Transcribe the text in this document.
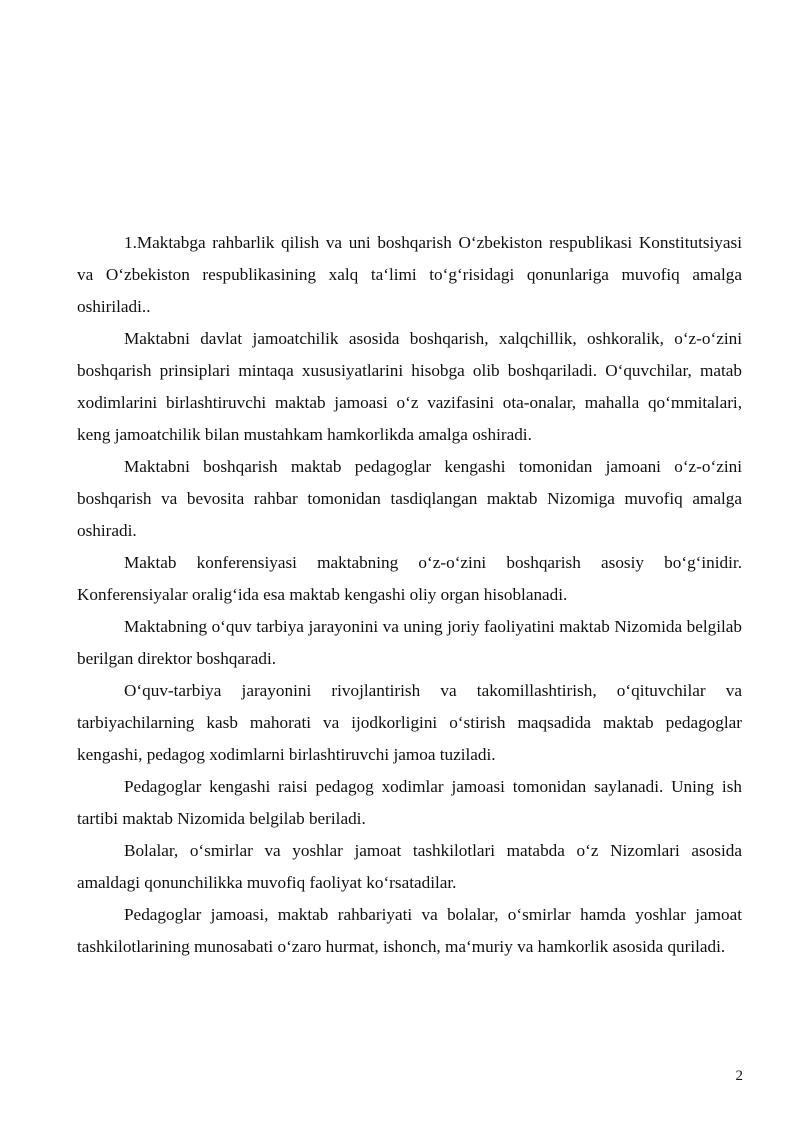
1.Maktabga rahbarlik qilish va uni boshqarish O‘zbekiston respublikasi Konstitutsiyasi va O‘zbekiston respublikasining xalq ta‘limi to‘g‘risidagi qonunlariga muvofiq amalga oshiriladi..

Maktabni davlat jamoatchilik asosida boshqarish, xalqchillik, oshkoralik, o‘z-o‘zini boshqarish prinsiplari mintaqa xususiyatlarini hisobga olib boshqariladi. O‘quvchilar, matab xodimlarini birlashtiruvchi maktab jamoasi o‘z vazifasini ota-onalar, mahalla qo‘mmitalari, keng jamoatchilik bilan mustahkam hamkorlikda amalga oshiradi.

Maktabni boshqarish maktab pedagoglar kengashi tomonidan jamoani o‘z-o‘zini boshqarish va bevosita rahbar tomonidan tasdiqlangan maktab Nizomiga muvofiq amalga oshiradi.

Maktab konferensiyasi maktabning o‘z-o‘zini boshqarish asosiy bo‘g‘inidir. Konferensiyalar oralig‘ida esa maktab kengashi oliy organ hisoblanadi.

Maktabning o‘quv tarbiya jarayonini va uning joriy faoliyatini maktab Nizomida belgilab berilgan direktor boshqaradi.

O‘quv-tarbiya jarayonini rivojlantirish va takomillashtirish, o‘qituvchilar va tarbiyachilarning kasb mahorati va ijodkorligini o‘stirish maqsadida maktab pedagoglar kengashi, pedagog xodimlarni birlashtiruvchi jamoa tuziladi.

Pedagoglar kengashi raisi pedagog xodimlar jamoasi tomonidan saylanadi. Uning ish tartibi maktab Nizomida belgilab beriladi.

Bolalar, o‘smirlar va yoshlar jamoat tashkilotlari matabda o‘z Nizomlari asosida amaldagi qonunchilikka muvofiq faoliyat ko‘rsatadilar.

Pedagoglar jamoasi, maktab rahbariyati va bolalar, o‘smirlar hamda yoshlar jamoat tashkilotlarining munosabati o‘zaro hurmat, ishonch, ma‘muriy va hamkorlik asosida quriladi.

2
